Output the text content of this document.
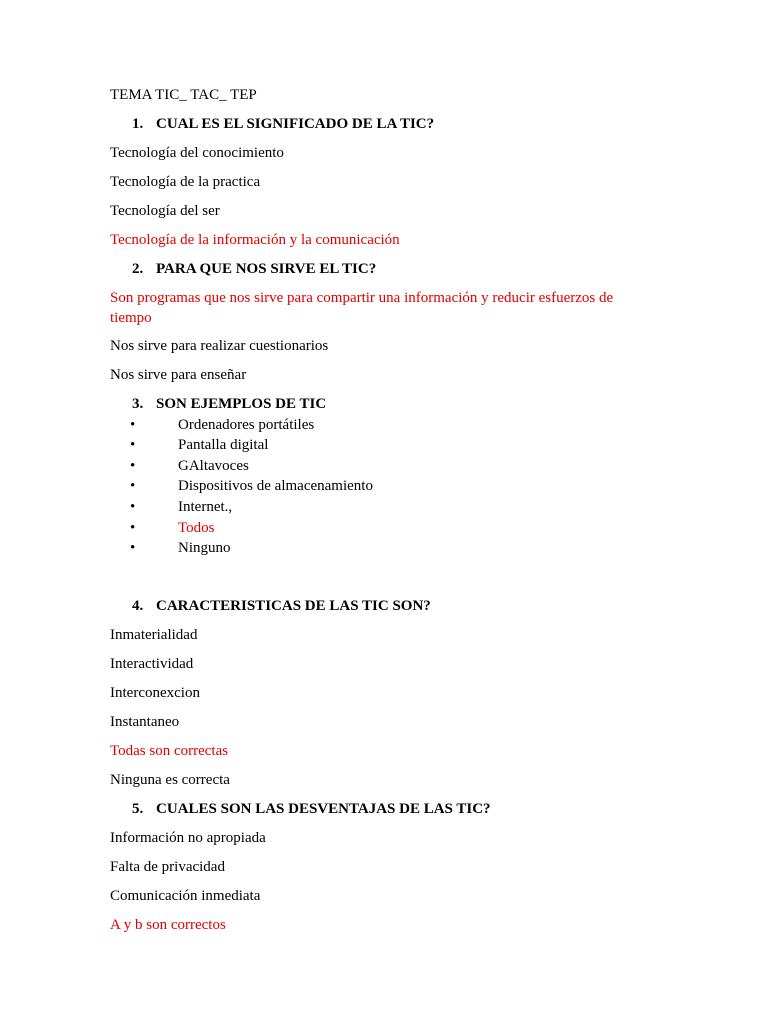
TEMA TIC_ TAC_ TEP
1. CUAL ES EL SIGNIFICADO DE LA TIC?
Tecnología del conocimiento
Tecnología de la practica
Tecnología del ser
Tecnología de la información y la comunicación
2. PARA QUE NOS SIRVE EL TIC?
Son programas que nos sirve para compartir una información y reducir esfuerzos de tiempo
Nos sirve para realizar cuestionarios
Nos sirve para enseñar
3. SON EJEMPLOS DE TIC
•	Ordenadores portátiles
•	Pantalla digital
•	GAltavoces
•	Dispositivos de almacenamiento
•	Internet.,
•	Todos
•	Ninguno
4. CARACTERISTICAS DE LAS TIC SON?
Inmaterialidad
Interactividad
Interconexcion
Instantaneo
Todas son correctas
Ninguna es correcta
5. CUALES SON LAS DESVENTAJAS DE LAS TIC?
Información no apropiada
Falta de privacidad
Comunicación inmediata
A y b son correctos
